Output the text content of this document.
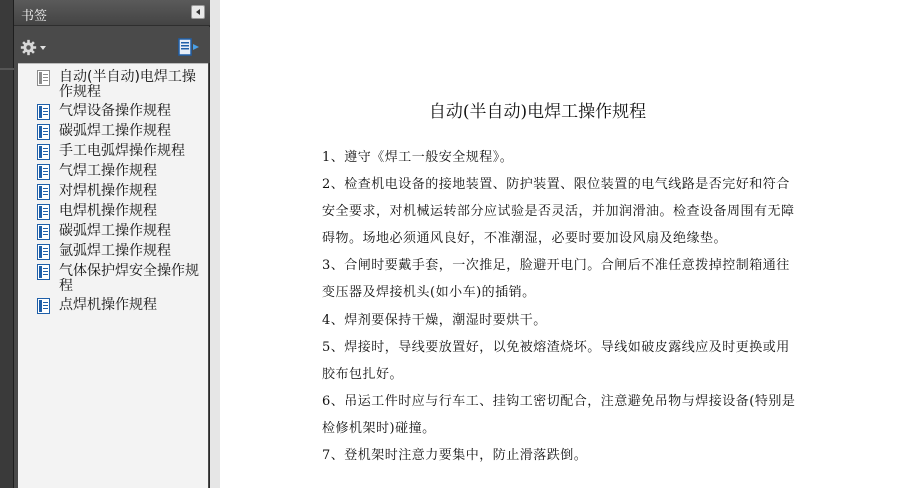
书签
自动(半自动)电焊工操作规程
气焊设备操作规程
碳弧焊工操作规程
手工电弧焊操作规程
气焊工操作规程
对焊机操作规程
电焊机操作规程
碳弧焊工操作规程
氩弧焊工操作规程
气体保护焊安全操作规程
点焊机操作规程
自动(半自动)电焊工操作规程
1、遵守《焊工一般安全规程》。
2、检查机电设备的接地装置、防护装置、限位装置的电气线路是否完好和符合
安全要求，对机械运转部分应试验是否灵活，并加润滑油。检查设备周围有无障
碍物。场地必须通风良好，不准潮湿，必要时要加设风扇及绝缘垫。
3、合闸时要戴手套，一次推足，脸避开电门。合闸后不准任意拨掉控制箱通往
变压器及焊接机头(如小车)的插销。
4、焊剂要保持干燥，潮湿时要烘干。
5、焊接时，导线要放置好，以免被熔渣烧坏。导线如破皮露线应及时更换或用
胶布包扎好。
6、吊运工件时应与行车工、挂钩工密切配合，注意避免吊物与焊接设备(特别是
检修机架时)碰撞。
7、登机架时注意力要集中，防止滑落跌倒。
